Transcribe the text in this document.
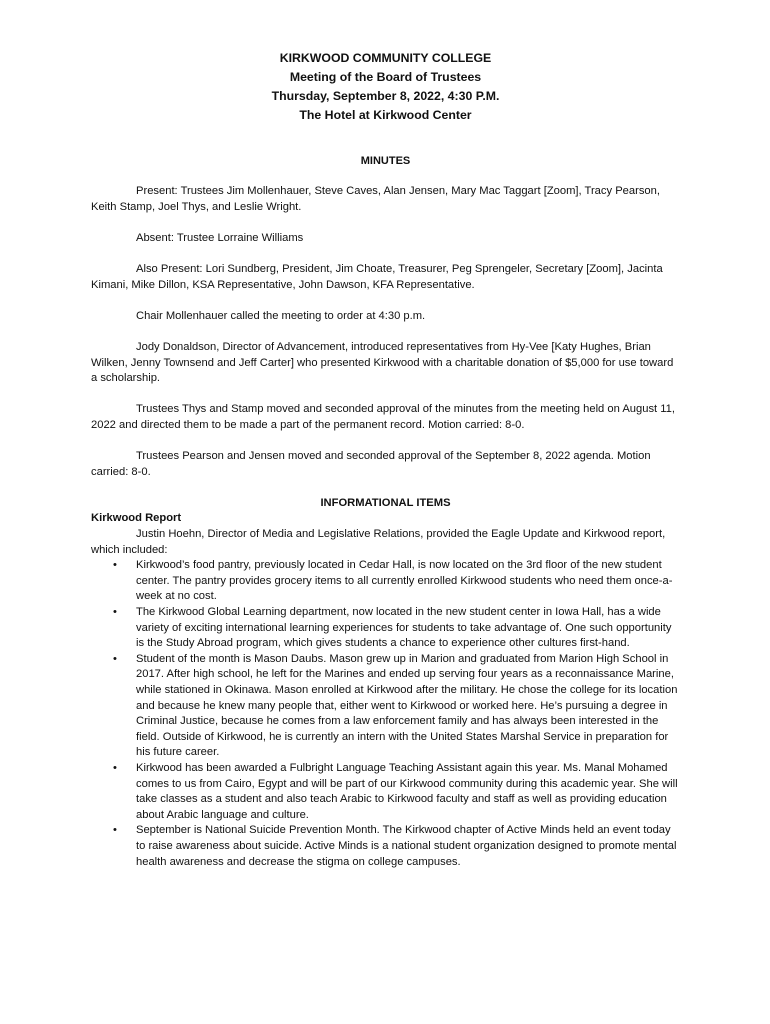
KIRKWOOD COMMUNITY COLLEGE
Meeting of the Board of Trustees
Thursday, September 8, 2022, 4:30 P.M.
The Hotel at Kirkwood Center
MINUTES

Present: Trustees Jim Mollenhauer, Steve Caves, Alan Jensen, Mary Mac Taggart [Zoom], Tracy Pearson, Keith Stamp, Joel Thys, and Leslie Wright.

Absent: Trustee Lorraine Williams

Also Present: Lori Sundberg, President, Jim Choate, Treasurer, Peg Sprengeler, Secretary [Zoom], Jacinta Kimani, Mike Dillon, KSA Representative, John Dawson, KFA Representative.

Chair Mollenhauer called the meeting to order at 4:30 p.m.

Jody Donaldson, Director of Advancement, introduced representatives from Hy-Vee [Katy Hughes, Brian Wilken, Jenny Townsend and Jeff Carter] who presented Kirkwood with a charitable donation of $5,000 for use toward a scholarship.

Trustees Thys and Stamp moved and seconded approval of the minutes from the meeting held on August 11, 2022 and directed them to be made a part of the permanent record. Motion carried: 8-0.

Trustees Pearson and Jensen moved and seconded approval of the September 8, 2022 agenda. Motion carried: 8-0.

INFORMATIONAL ITEMS
Kirkwood Report
Justin Hoehn, Director of Media and Legislative Relations, provided the Eagle Update and Kirkwood report, which included:
• Kirkwood’s food pantry, previously located in Cedar Hall, is now located on the 3rd floor of the new student center. The pantry provides grocery items to all currently enrolled Kirkwood students who need them once-a-week at no cost.
• The Kirkwood Global Learning department, now located in the new student center in Iowa Hall, has a wide variety of exciting international learning experiences for students to take advantage of. One such opportunity is the Study Abroad program, which gives students a chance to experience other cultures first-hand.
• Student of the month is Mason Daubs. Mason grew up in Marion and graduated from Marion High School in 2017. After high school, he left for the Marines and ended up serving four years as a reconnaissance Marine, while stationed in Okinawa. Mason enrolled at Kirkwood after the military. He chose the college for its location and because he knew many people that, either went to Kirkwood or worked here. He’s pursuing a degree in Criminal Justice, because he comes from a law enforcement family and has always been interested in the field. Outside of Kirkwood, he is currently an intern with the United States Marshal Service in preparation for his future career.
• Kirkwood has been awarded a Fulbright Language Teaching Assistant again this year. Ms. Manal Mohamed comes to us from Cairo, Egypt and will be part of our Kirkwood community during this academic year. She will take classes as a student and also teach Arabic to Kirkwood faculty and staff as well as providing education about Arabic language and culture.
• September is National Suicide Prevention Month. The Kirkwood chapter of Active Minds held an event today to raise awareness about suicide. Active Minds is a national student organization designed to promote mental health awareness and decrease the stigma on college campuses.
